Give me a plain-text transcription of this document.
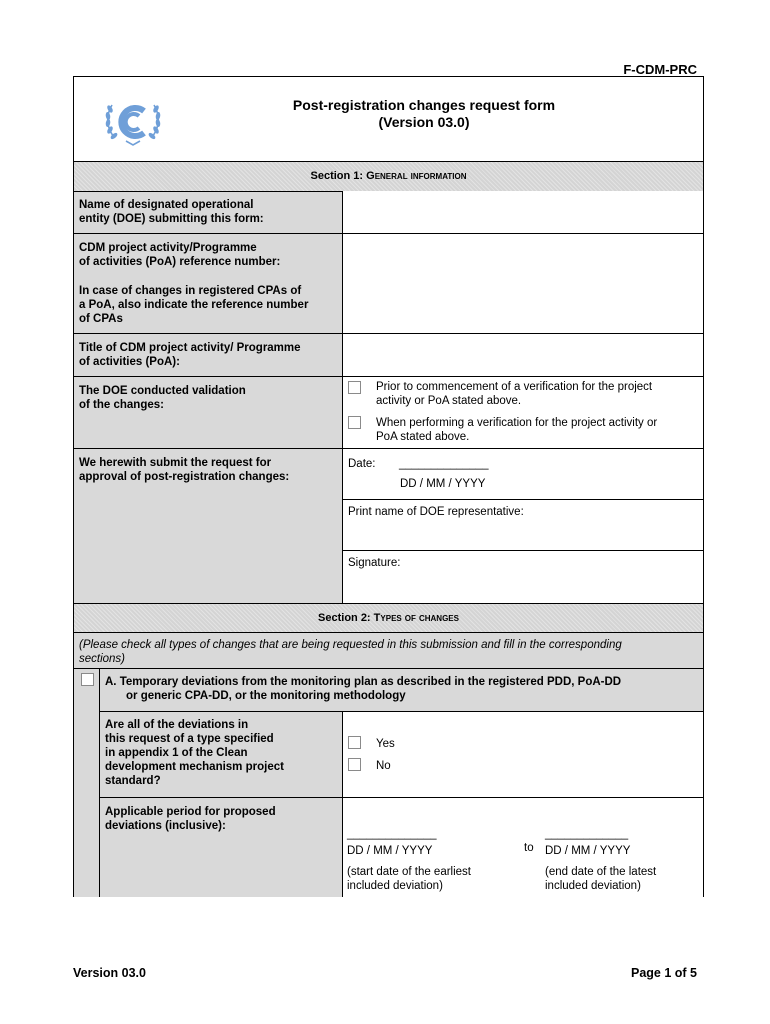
F-CDM-PRC
Post-registration changes request form
(Version 03.0)
Section 1: General information
Name of designated operational
entity (DOE) submitting this form:
CDM project activity/Programme
of activities (PoA) reference number:
In case of changes in registered CPAs of
a PoA, also indicate the reference number
of CPAs
Title of CDM project activity/ Programme
of activities (PoA):
The DOE conducted validation
of the changes:
Prior to commencement of a verification for the project
activity or PoA stated above.
When performing a verification for the project activity or
PoA stated above.
We herewith submit the request for
approval of post-registration changes:
Date: ______________
DD / MM / YYYY
Print name of DOE representative:
Signature:
Section 2: Types of changes
(Please check all types of changes that are being requested in this submission and fill in the corresponding
sections)
A. Temporary deviations from the monitoring plan as described in the registered PDD, PoA-DD
or generic CPA-DD, or the monitoring methodology
Are all of the deviations in
this request of a type specified
in appendix 1 of the Clean
development mechanism project
standard?
Yes
No
Applicable period for proposed
deviations (inclusive):
______________
DD / MM / YYYY	to
_____________
DD / MM / YYYY
(start date of the earliest
included deviation)
(end date of the latest
included deviation)
Version 03.0	Page 1 of 5
